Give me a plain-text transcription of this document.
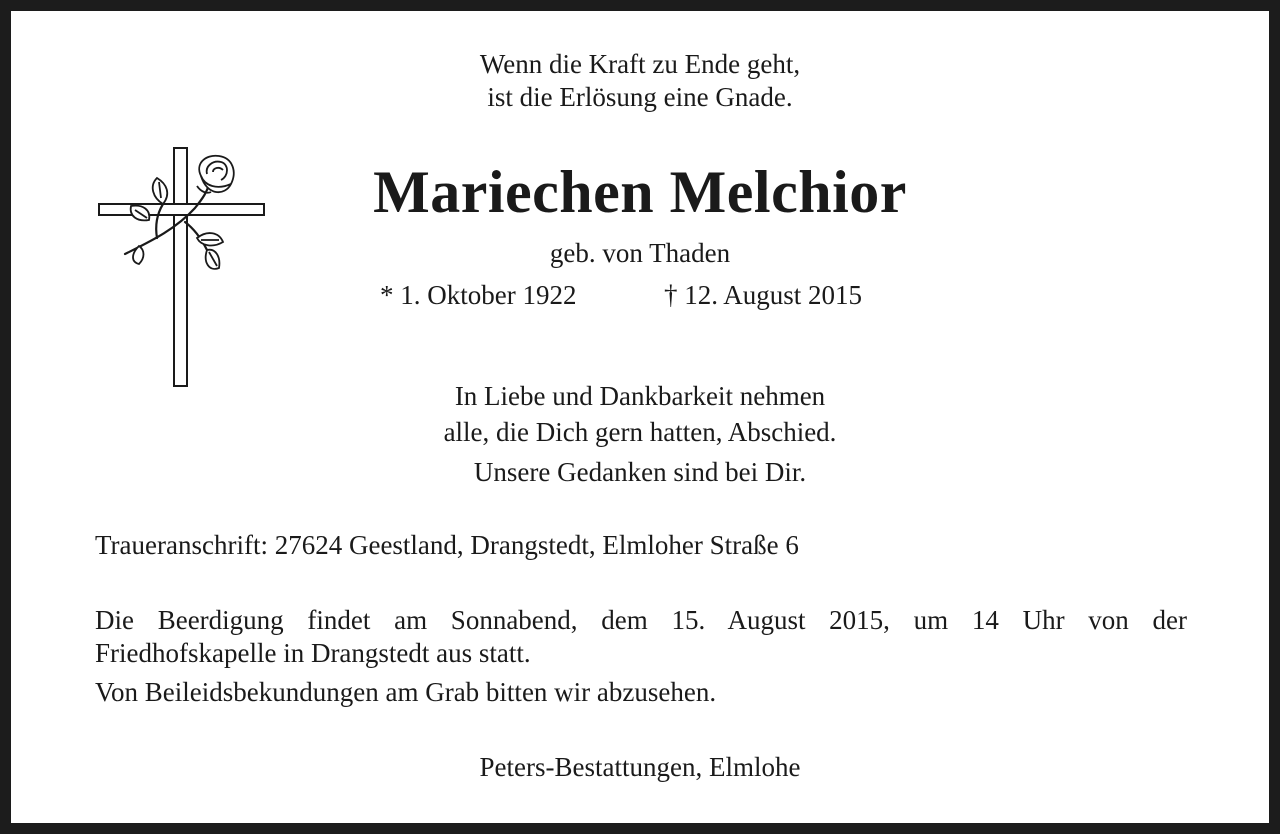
Wenn die Kraft zu Ende geht,
ist die Erlösung eine Gnade.
Mariechen Melchior
geb. von Thaden
* 1. Oktober 1922	† 12. August 2015
In Liebe und Dankbarkeit nehmen
alle, die Dich gern hatten, Abschied.
Unsere Gedanken sind bei Dir.
Traueranschrift: 27624 Geestland, Drangstedt, Elmloher Straße 6
Die Beerdigung findet am Sonnabend, dem 15. August 2015, um 14 Uhr von der
Friedhofskapelle in Drangstedt aus statt.
Von Beileidsbekundungen am Grab bitten wir abzusehen.
Peters-Bestattungen, Elmlohe
